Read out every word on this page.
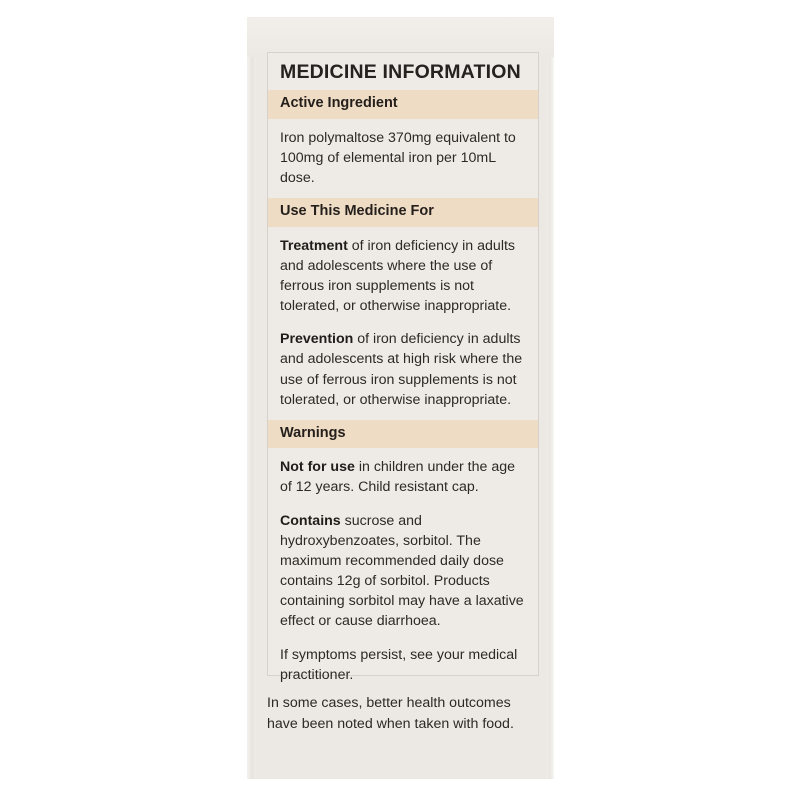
MEDICINE INFORMATION
Active Ingredient

Iron polymaltose 370mg equivalent to 100mg of elemental iron per 10mL dose.

Use This Medicine For

Treatment of iron deficiency in adults and adolescents where the use of ferrous iron supplements is not tolerated, or otherwise inappropriate.

Prevention of iron deficiency in adults and adolescents at high risk where the use of ferrous iron supplements is not tolerated, or otherwise inappropriate.

Warnings

Not for use in children under the age of 12 years. Child resistant cap.

Contains sucrose and hydroxybenzoates, sorbitol. The maximum recommended daily dose contains 12g of sorbitol. Products containing sorbitol may have a laxative effect or cause diarrhoea.

If symptoms persist, see your medical practitioner.

In some cases, better health outcomes have been noted when taken with food.
